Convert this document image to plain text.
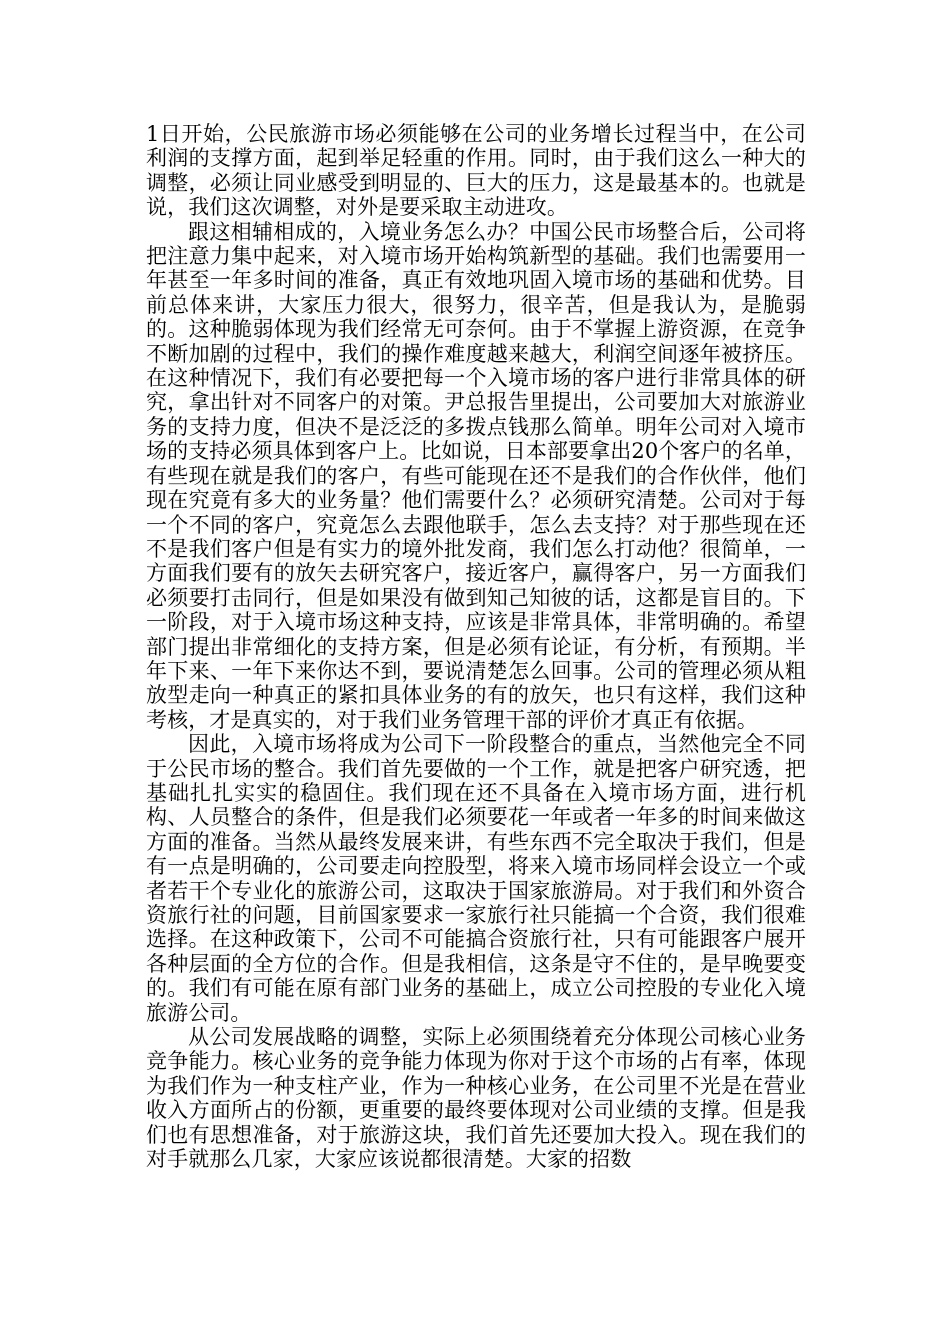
1日开始，公民旅游市场必须能够在公司的业务增长过程当中，在公司利润的支撑方面，起到举足轻重的作用。同时，由于我们这么一种大的调整，必须让同业感受到明显的、巨大的压力，这是最基本的。也就是说，我们这次调整，对外是要采取主动进攻。

跟这相辅相成的，入境业务怎么办？中国公民市场整合后，公司将把注意力集中起来，对入境市场开始构筑新型的基础。我们也需要用一年甚至一年多时间的准备，真正有效地巩固入境市场的基础和优势。目前总体来讲，大家压力很大，很努力，很辛苦，但是我认为，是脆弱的。这种脆弱体现为我们经常无可奈何。由于不掌握上游资源，在竞争不断加剧的过程中，我们的操作难度越来越大，利润空间逐年被挤压。在这种情况下，我们有必要把每一个入境市场的客户进行非常具体的研究，拿出针对不同客户的对策。尹总报告里提出，公司要加大对旅游业务的支持力度，但决不是泛泛的多拨点钱那么简单。明年公司对入境市场的支持必须具体到客户上。比如说，日本部要拿出20个客户的名单，有些现在就是我们的客户，有些可能现在还不是我们的合作伙伴，他们现在究竟有多大的业务量？他们需要什么？必须研究清楚。公司对于每一个不同的客户，究竟怎么去跟他联手，怎么去支持？对于那些现在还不是我们客户但是有实力的境外批发商，我们怎么打动他？很简单，一方面我们要有的放矢去研究客户，接近客户，赢得客户，另一方面我们必须要打击同行，但是如果没有做到知己知彼的话，这都是盲目的。下一阶段，对于入境市场这种支持，应该是非常具体，非常明确的。希望部门提出非常细化的支持方案，但是必须有论证，有分析，有预期。半年下来、一年下来你达不到，要说清楚怎么回事。公司的管理必须从粗放型走向一种真正的紧扣具体业务的有的放矢，也只有这样，我们这种考核，才是真实的，对于我们业务管理干部的评价才真正有依据。

因此，入境市场将成为公司下一阶段整合的重点，当然他完全不同于公民市场的整合。我们首先要做的一个工作，就是把客户研究透，把基础扎扎实实的稳固住。我们现在还不具备在入境市场方面，进行机构、人员整合的条件，但是我们必须要花一年或者一年多的时间来做这方面的准备。当然从最终发展来讲，有些东西不完全取决于我们，但是有一点是明确的，公司要走向控股型，将来入境市场同样会设立一个或者若干个专业化的旅游公司，这取决于国家旅游局。对于我们和外资合资旅行社的问题，目前国家要求一家旅行社只能搞一个合资，我们很难选择。在这种政策下，公司不可能搞合资旅行社，只有可能跟客户展开各种层面的全方位的合作。但是我相信，这条是守不住的，是早晚要变的。我们有可能在原有部门业务的基础上，成立公司控股的专业化入境旅游公司。

从公司发展战略的调整，实际上必须围绕着充分体现公司核心业务竞争能力。核心业务的竞争能力体现为你对于这个市场的占有率，体现为我们作为一种支柱产业，作为一种核心业务，在公司里不光是在营业收入方面所占的份额，更重要的最终要体现对公司业绩的支撑。但是我们也有思想准备，对于旅游这块，我们首先还要加大投入。现在我们的对手就那么几家，大家应该说都很清楚。大家的招数
